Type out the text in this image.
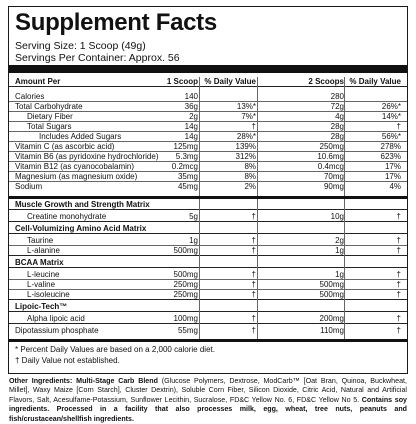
Supplement Facts
Serving Size: 1 Scoop (49g)
Servings Per Container: Approx. 56
Amount Per	1 Scoop % Daily Value	2 Scoops % Daily Value
Calories	140	280
Total Carbohydrate	36g	13%*	72g	26%*
Dietary Fiber	2g	7%*	4g	14%*
Total Sugars	14g	†	28g	†
Includes Added Sugars	14g	28%*	28g	56%*
Vitamin C (as ascorbic acid)	125mg	139%	250mg	278%
Vitamin B6 (as pyridoxine hydrochloride) 5.3mg	312%	10.6mg	623%
Vitamin B12 (as cyanocobalamin)	0.2mcg	8%	0.4mcg	17%
Magnesium (as magnesium oxide)	35mg	8%	70mg	17%
Sodium	45mg	2%	90mg	4%
Muscle Growth and Strength Matrix
Creatine monohydrate	5g	†	10g	†
Cell-Volumizing Amino Acid Matrix
Taurine	1g	†	2g	†
L-alanine	500mg	†	1g	†
BCAA Matrix
L-leucine	500mg	†	1g	†
L-valine	250mg	†	500mg	†
L-isoleucine	250mg	†	500mg	†
Lipoic-Tech™
Alpha lipoic acid	100mg	†	200mg	†
Dipotassium phosphate	55mg	†	110mg	†
* Percent Daily Values are based on a 2,000 calorie diet.
† Daily Value not established.
Other Ingredients: Multi-Stage Carb Blend (Glucose Polymers, Dextrose, ModCarb™ [Oat Bran, Quinoa, Buckwheat, Millet], Waxy Maize [Corn Starch], Cluster Dextrin), Soluble Corn Fiber, Silicon Dioxide, Citric Acid, Natural and Artificial Flavors, Salt, Acesulfame-Potassium, Sunflower Lecithin, Sucralose, FD&C Yellow No. 6, FD&C Yellow No 5. Contains soy ingredients. Processed in a facility that also processes milk, egg, wheat, tree nuts, peanuts and fish/crustacean/shellfish ingredients.
